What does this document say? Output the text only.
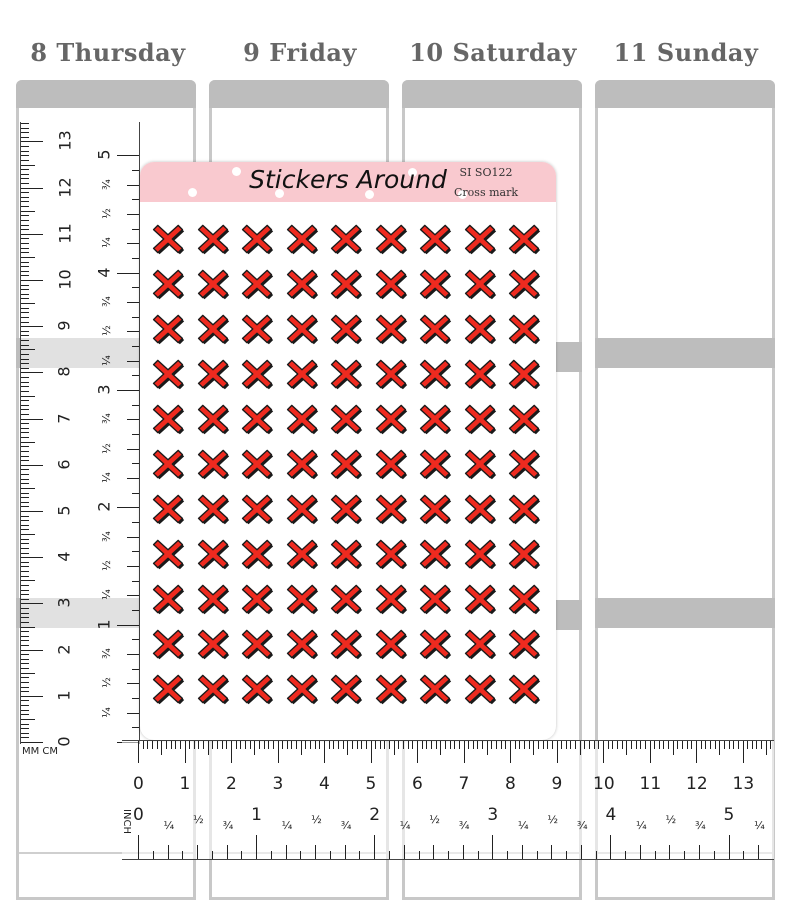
8 Thursday	9 Friday	10 Saturday	11 Sunday
0
1
2
3
4
5
6
7
8
9
10
11
12
13
¼
½
¾
1
¼
½
¾
2
¼
½
¾
3
¼
½
¾
4
¼
½
¾
5
MM CM
0 1 2 3 4 5 6 7 8 9 10 11 12 13
0
¼ ½ ¾
1
¼ ½ ¾
2
¼ ½ ¾
3
¼ ½ ¾
4
¼ ½ ¾
5
¼
INCH
Stickers Around	SI SO122
Cross mark
